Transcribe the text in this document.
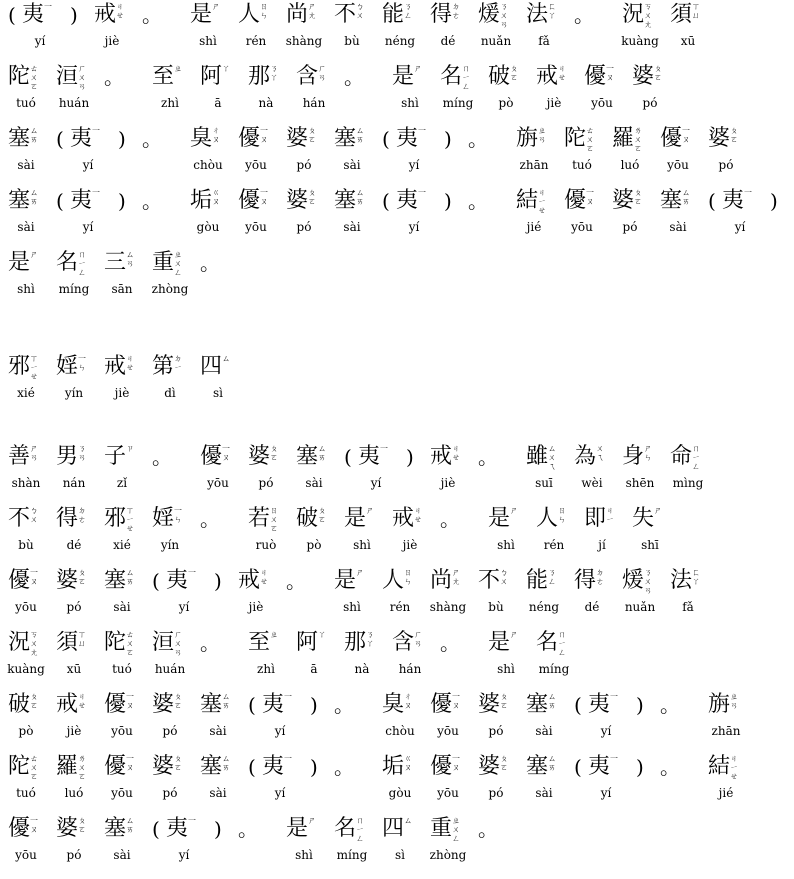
( 夷 一
yí
) 戒 ㄐ
ㄝ
jiè
。 是 ㄕ
shì
人 ㄖ
ㄣ
rén
尚 ㄕ
ㄤ
shàng
不 ㄅ
ㄨ
bù
能 ㄋ
ㄥ
néng
得 ㄉ
ㄜ
dé
煖 ㄋ
ㄨ
ㄢ
nuǎn
法 ㄈ
ㄚ
fǎ
。 況 ㄎ
ㄨ
ㄤ
kuàng
須 ㄒ
ㄩ
xū
陀 ㄊ
ㄨ
ㄛ
tuó
洹 ㄏ
ㄨ
ㄢ
huán
。 至 ㄓ
zhì
阿 ㄚ
ā
那 ㄋ
ㄚ
nà
含 ㄏ
ㄢ
hán
。 是 ㄕ
shì
名 ㄇ
ㄧ
ㄥ
míng
破 ㄆ
ㄛ
pò
戒 ㄐ
ㄝ
jiè
優 一
ㄡ
yōu
婆 ㄆ
ㄛ
pó
塞 ㄙ
ㄞ
sài
( 夷 一
yí
) 。 臭 ㄔ
ㄡ
chòu
優 一
ㄡ
yōu
婆 ㄆ
ㄛ
pó
塞 ㄙ
ㄞ
sài
( 夷 一
yí
) 。 旃 ㄓ
ㄢ
zhān
陀 ㄊ
ㄨ
ㄛ
tuó
羅 ㄌ
ㄨ
ㄛ
luó
優 一
ㄡ
yōu
婆 ㄆ
ㄛ
pó
塞 ㄙ
ㄞ
sài
( 夷 一
yí
) 。 垢 ㄍ
ㄡ
gòu
優 一
ㄡ
yōu
婆 ㄆ
ㄛ
pó
塞 ㄙ
ㄞ
sài
( 夷 一
yí
) 。 結 ㄐ
ㄧ
ㄝ
jié
優 一
ㄡ
yōu
婆 ㄆ
ㄛ
pó
塞 ㄙ
ㄞ
sài
( 夷 一
yí
)
是 ㄕ
shì
名 ㄇ
ㄧ
ㄥ
míng
三 ㄙ
ㄢ
sān
重 ㄓ
ㄨ
ㄥ
zhòng
。
邪 ㄒ
ㄧ
ㄝ
xié
婬 一
ㄣ
yín
戒 ㄐ
ㄝ
jiè
第 ㄉ
ㄧ
dì
四 ㄙ
sì
善 ㄕ
ㄢ
shàn
男 ㄋ
ㄢ
nán
子 ㄗ
zǐ
。 優 一
ㄡ
yōu
婆 ㄆ
ㄛ
pó
塞 ㄙ
ㄞ
sài
( 夷 一
yí
) 戒 ㄐ
ㄝ
jiè
。 雖 ㄙ
ㄨ
ㄟ
suī
為 ㄨ
ㄟ
wèi
身 ㄕ
ㄣ
shēn
命 ㄇ
ㄧ
ㄥ
mìng
不 ㄅ
ㄨ
bù
得 ㄉ
ㄜ
dé
邪 ㄒ
ㄧ
ㄝ
xié
婬 一
ㄣ
yín
。 若 ㄖ
ㄨ
ㄛ
ruò
破 ㄆ
ㄛ
pò
是 ㄕ
shì
戒 ㄐ
ㄝ
jiè
。 是 ㄕ
shì
人 ㄖ
ㄣ
rén
即 ㄐ
ㄧ
jí
失 ㄕ
shī
優 一
ㄡ
yōu
婆 ㄆ
ㄛ
pó
塞 ㄙ
ㄞ
sài
( 夷 一
yí
) 戒 ㄐ
ㄝ
jiè
。 是 ㄕ
shì
人 ㄖ
ㄣ
rén
尚 ㄕ
ㄤ
shàng
不 ㄅ
ㄨ
bù
能 ㄋ
ㄥ
néng
得 ㄉ
ㄜ
dé
煖 ㄋ
ㄨ
ㄢ
nuǎn
法 ㄈ
ㄚ
fǎ
況 ㄎ
ㄨ
ㄤ
kuàng
須 ㄒ
ㄩ
xū
陀 ㄊ
ㄨ
ㄛ
tuó
洹 ㄏ
ㄨ
ㄢ
huán
。 至 ㄓ
zhì
阿 ㄚ
ā
那 ㄋ
ㄚ
nà
含 ㄏ
ㄢ
hán
。 是 ㄕ
shì
名 ㄇ
ㄧ
ㄥ
míng
破 ㄆ
ㄛ
pò
戒 ㄐ
ㄝ
jiè
優 一
ㄡ
yōu
婆 ㄆ
ㄛ
pó
塞 ㄙ
ㄞ
sài
( 夷 一
yí
) 。 臭 ㄔ
ㄡ
chòu
優 一
ㄡ
yōu
婆 ㄆ
ㄛ
pó
塞 ㄙ
ㄞ
sài
( 夷 一
yí
) 。 旃 ㄓ
ㄢ
zhān
陀 ㄊ
ㄨ
ㄛ
tuó
羅 ㄌ
ㄨ
ㄛ
luó
優 一
ㄡ
yōu
婆 ㄆ
ㄛ
pó
塞 ㄙ
ㄞ
sài
( 夷 一
yí
) 。 垢 ㄍ
ㄡ
gòu
優 一
ㄡ
yōu
婆 ㄆ
ㄛ
pó
塞 ㄙ
ㄞ
sài
( 夷 一
yí
) 。 結 ㄐ
ㄧ
ㄝ
jié
優 一
ㄡ
yōu
婆 ㄆ
ㄛ
pó
塞 ㄙ
ㄞ
sài
( 夷 一
yí
) 。 是 ㄕ
shì
名 ㄇ
ㄧ
ㄥ
míng
四 ㄙ
sì
重 ㄓ
ㄨ
ㄥ
zhòng
。
